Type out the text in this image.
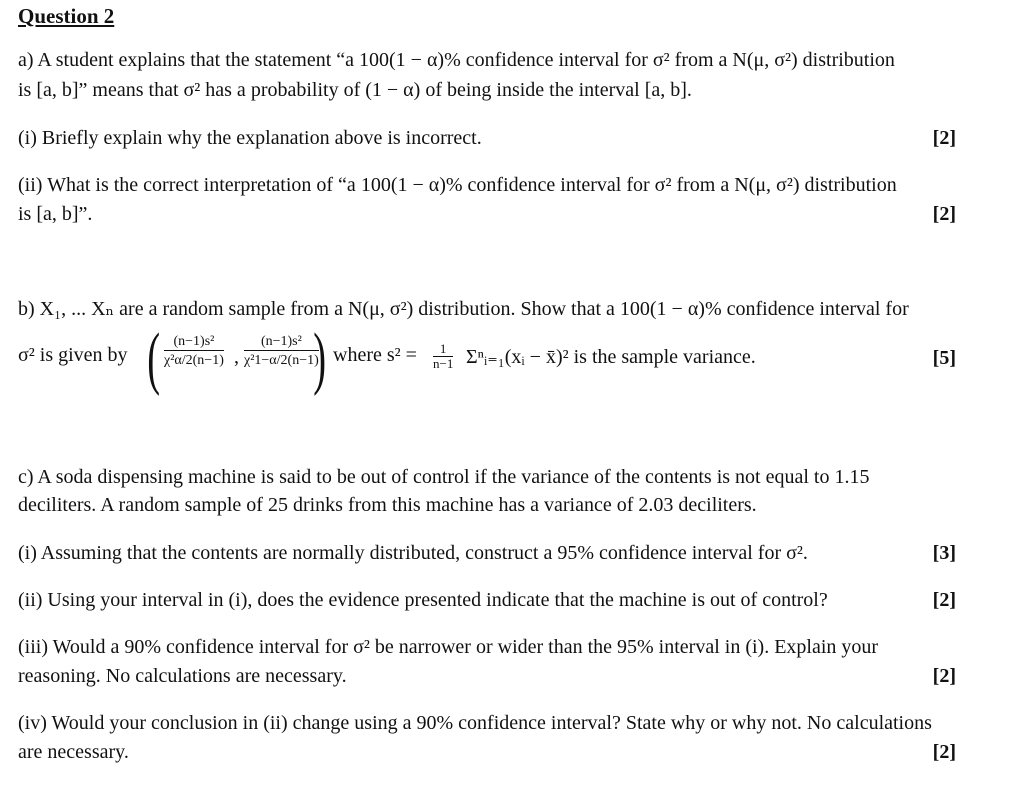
Question 2
a) A student explains that the statement “a 100(1 − α)% confidence interval for σ² from a N(μ, σ²) distribution
is [a, b]” means that σ² has a probability of (1 − α) of being inside the interval [a, b].
(i) Briefly explain why the explanation above is incorrect.	[2]
(ii) What is the correct interpretation of “a 100(1 − α)% confidence interval for σ² from a N(μ, σ²) distribution
is [a, b]”.	[2]
b) X₁, ... Xₙ are a random sample from a N(μ, σ²) distribution. Show that a 100(1 − α)% confidence interval for
σ² is given by ( $\frac{\text{(n−1)s²}}{\text{χ²α/2(n−1)}}$ , $\frac{\text{(n−1)s²}}{\text{χ²1−α/2(n−1)}}$
) where $s^2 = \frac{1}{n-1}$ Σⁿᵢ₌₁(xᵢ − x̄)² is the sample variance.	[5]
c) A soda dispensing machine is said to be out of control if the variance of the contents is not equal to 1.15
deciliters. A random sample of 25 drinks from this machine has a variance of 2.03 deciliters.
(i) Assuming that the contents are normally distributed, construct a 95% confidence interval for σ².	[3]
(ii) Using your interval in (i), does the evidence presented indicate that the machine is out of control?	[2]
(iii) Would a 90% confidence interval for σ² be narrower or wider than the 95% interval in (i). Explain your
reasoning. No calculations are necessary.	[2]
(iv) Would your conclusion in (ii) change using a 90% confidence interval? State why or why not. No calculations
are necessary.	[2]
